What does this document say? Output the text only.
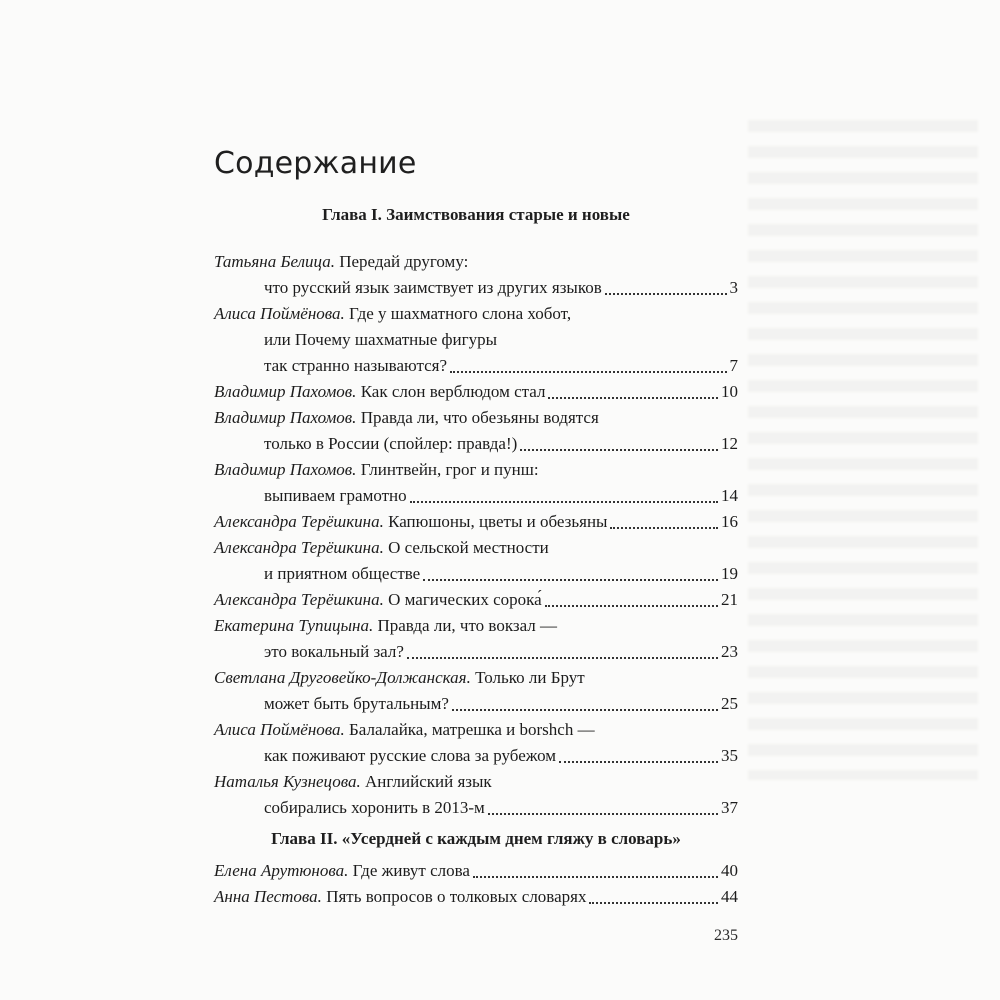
Содержание
Глава I. Заимствования старые и новые
Татьяна Белица. Передай другому:
что русский язык заимствует из других языков	3
Алиса Поймёнова. Где у шахматного слона хобот,
или Почему шахматные фигуры
так странно называются?	7
Владимир Пахомов. Как слон верблюдом стал	10
Владимир Пахомов. Правда ли, что обезьяны водятся
только в России (спойлер: правда!)	12
Владимир Пахомов. Глинтвейн, грог и пунш:
выпиваем грамотно	14
Александра Терёшкина. Капюшоны, цветы и обезьяны	16
Александра Терёшкина. О сельской местности
и приятном обществе	19
Александра Терёшкина. О магических сорока́	21
Екатерина Тупицына. Правда ли, что вокзал —
это вокальный зал?	23
Светлана Друговейко-Должанская. Только ли Брут
может быть брутальным?	25
Алиса Поймёнова. Балалайка, матрешка и borshch —
как поживают русские слова за рубежом	35
Наталья Кузнецова. Английский язык
собирались хоронить в 2013-м	37
Глава II. «Усердней с каждым днем гляжу в словарь»
Елена Арутюнова. Где живут слова	40
Анна Пестова. Пять вопросов о толковых словарях	44
235
